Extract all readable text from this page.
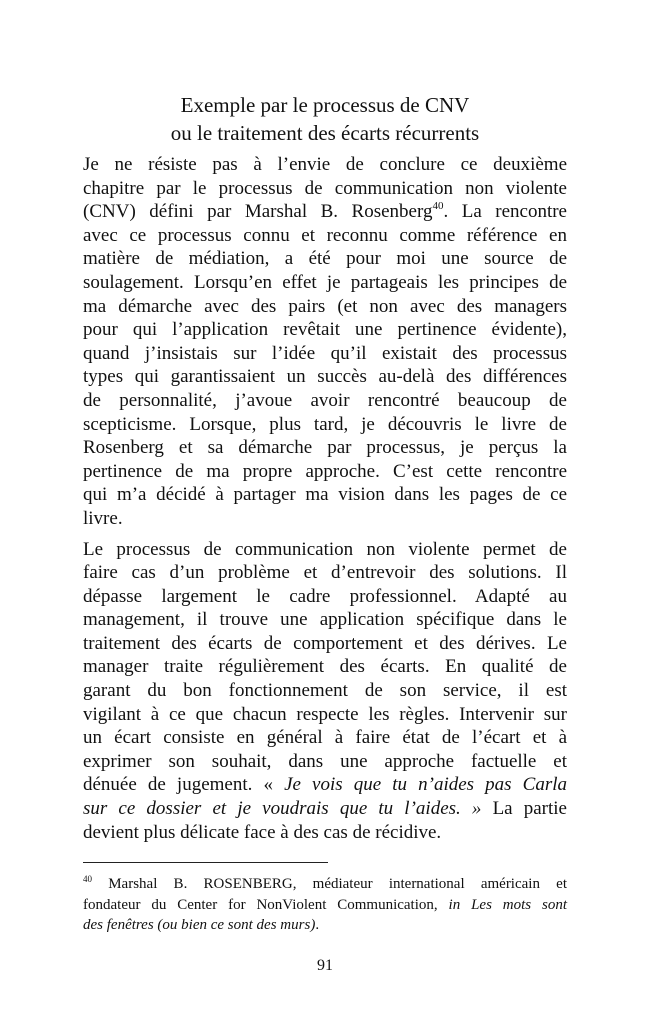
Exemple par le processus de CNV
ou le traitement des écarts récurrents
Je ne résiste pas à l’envie de conclure ce deuxième
chapitre par le processus de communication non violente
(CNV) défini par Marshal B. Rosenberg$^{40}$. La rencontre
avec ce processus connu et reconnu comme référence en
matière de médiation, a été pour moi une source de
soulagement. Lorsqu’en effet je partageais les principes de
ma démarche avec des pairs (et non avec des managers
pour qui l’application revêtait une pertinence évidente),
quand j’insistais sur l’idée qu’il existait des processus
types qui garantissaient un succès au-delà des différences
de personnalité, j’avoue avoir rencontré beaucoup de
scepticisme. Lorsque, plus tard, je découvris le livre de
Rosenberg et sa démarche par processus, je perçus la
pertinence de ma propre approche. C’est cette rencontre
qui m’a décidé à partager ma vision dans les pages de ce
livre.
Le processus de communication non violente permet de
faire cas d’un problème et d’entrevoir des solutions. Il
dépasse largement le cadre professionnel. Adapté au
management, il trouve une application spécifique dans le
traitement des écarts de comportement et des dérives. Le
manager traite régulièrement des écarts. En qualité de
garant du bon fonctionnement de son service, il est
vigilant à ce que chacun respecte les règles. Intervenir sur
un écart consiste en général à faire état de l’écart et à
exprimer son souhait, dans une approche factuelle et
dénuée de jugement. « Je vois que tu n’aides pas Carla
sur ce dossier et je voudrais que tu l’aides. » La partie
devient plus délicate face à des cas de récidive.
$^{40}$ Marshal B. ROSENBERG, médiateur international américain et
fondateur du Center for NonViolent Communication, in Les mots sont
des fenêtres (ou bien ce sont des murs).
91
